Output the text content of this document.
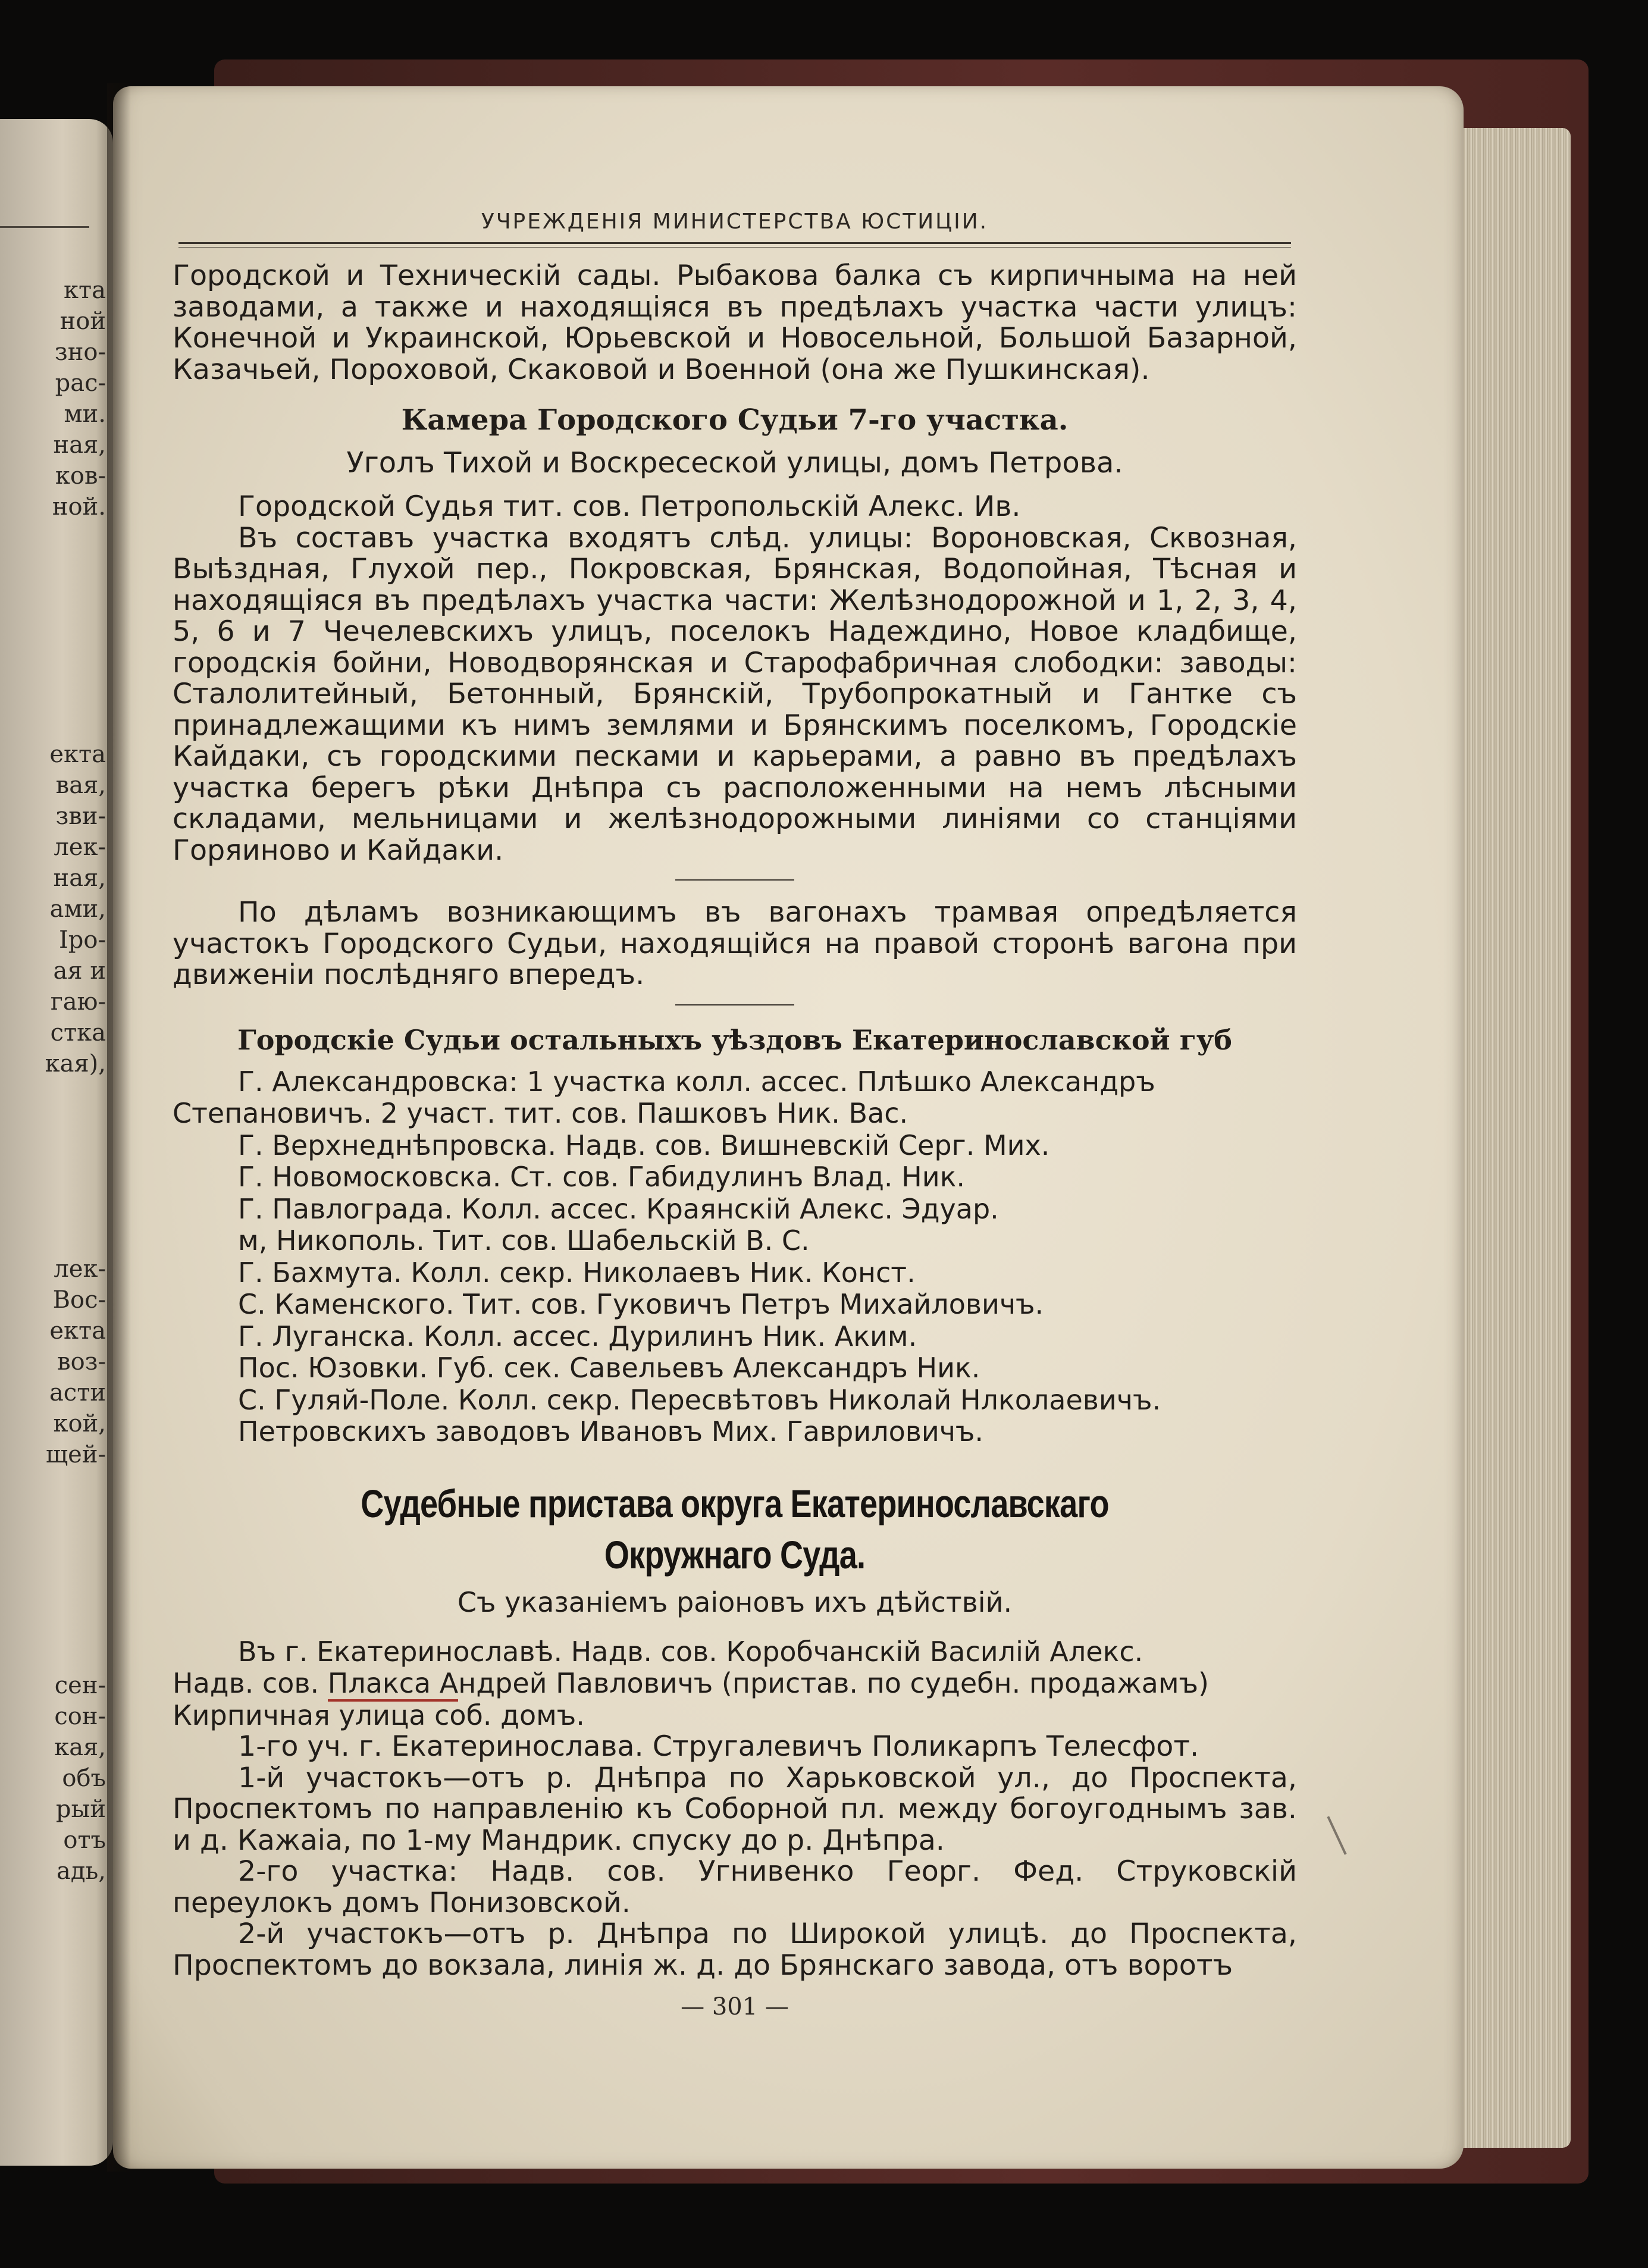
кта
ной
зно-
рас-
ми.
ная,
ков-
ной.
екта
вая,
зви-
лек-
ная,
ами,
Іро-
ая и
гаю-
стка
кая),
лек-
Вос-
екта
воз-
асти
кой,
щей-
сен-
сон-
кая,
объ
рый
отъ
адь,
УЧРЕЖДЕНІЯ МИНИСТЕРСТВА ЮСТИЦІИ.

Городской и Техническій сады. Рыбакова балка съ кирпичныма на ней заводами, а также и находящіяся въ предѣлахъ участка части улицъ: Конечной и Украинской, Юрьевской и Новосельной, Большой Базарной, Казачьей, Пороховой, Скаковой и Военной (она же Пушкинская).

Камера Городского Судьи 7-го участка.
Уголъ Тихой и Воскресеской улицы, домъ Петрова.

Городской Судья тит. сов. Петропольскій Алекс. Ив.

Въ составъ участка входятъ слѣд. улицы: Вороновская, Сквозная, Выѣздная, Глухой пер., Покровская, Брянская, Водопойная, Тѣсная и находящіяся въ предѣлахъ участка части: Желѣзнодорожной и 1, 2, 3, 4, 5, 6 и 7 Чечелевскихъ улицъ, поселокъ Надеждино, Новое кладбище, городскія бойни, Новодворянская и Старофабричная слободки: заводы: Сталолитейный, Бетонный, Брянскій, Трубопрокатный и Гантке съ принадлежащими къ нимъ землями и Брянскимъ поселкомъ, Городскіе Кайдаки, съ городскими песками и карьерами, а равно въ предѣлахъ участка берегъ рѣки Днѣпра съ расположенными на немъ лѣсными складами, мельницами и желѣзнодорожными линіями со станціями Горяиново и Кайдаки.

По дѣламъ возникающимъ въ вагонахъ трамвая опредѣляется участокъ Городского Судьи, находящійся на правой сторонѣ вагона при движеніи послѣдняго впередъ.

Городскіе Судьи остальныхъ уѣздовъ Екатеринославской губ

Г. Александровска: 1 участка колл. ассес. Плѣшко Александръ

Степановичъ. 2 участ. тит. сов. Пашковъ Ник. Вас.

Г. Верхнеднѣпровска. Надв. сов. Вишневскій Серг. Мих.

Г. Новомосковска. Ст. сов. Габидулинъ Влад. Ник.

Г. Павлограда. Колл. ассес. Краянскій Алекс. Эдуар.

м, Никополь. Тит. сов. Шабельскій В. С.

Г. Бахмута. Колл. секр. Николаевъ Ник. Конст.

С. Каменского. Тит. сов. Гуковичъ Петръ Михайловичъ.

Г. Луганска. Колл. ассес. Дурилинъ Ник. Аким.

Пос. Юзовки. Губ. сек. Савельевъ Александръ Ник.

С. Гуляй-Поле. Колл. секр. Пересвѣтовъ Николай Нлколаевичъ.

Петровскихъ заводовъ Ивановъ Мих. Гавриловичъ.

Судебные пристава округа Екатеринославскаго Окружнаго Суда.
Съ указаніемъ раіоновъ ихъ дѣйствій.

Въ г. Екатеринославѣ. Надв. сов. Коробчанскій Василій Алекс.

Надв. сов. Плакса Андрей Павловичъ (пристав. по судебн. продажамъ)

Кирпичная улица соб. домъ.

1-го уч. г. Екатеринослава. Стругалевичъ Поликарпъ Телесфот.

1-й участокъ—отъ р. Днѣпра по Харьковской ул., до Проспекта, Проспектомъ по направленію къ Соборной пл. между богоугоднымъ зав. и д. Кажаіа, по 1-му Мандрик. спуску до р. Днѣпра.

2-го участка: Надв. сов. Угнивенко Георг. Фед. Струковскій переулокъ домъ Понизовской.

2-й участокъ—отъ р. Днѣпра по Широкой улицѣ. до Проспекта, Проспектомъ до вокзала, линія ж. д. до Брянскаго завода, отъ воротъ

— 301 —
